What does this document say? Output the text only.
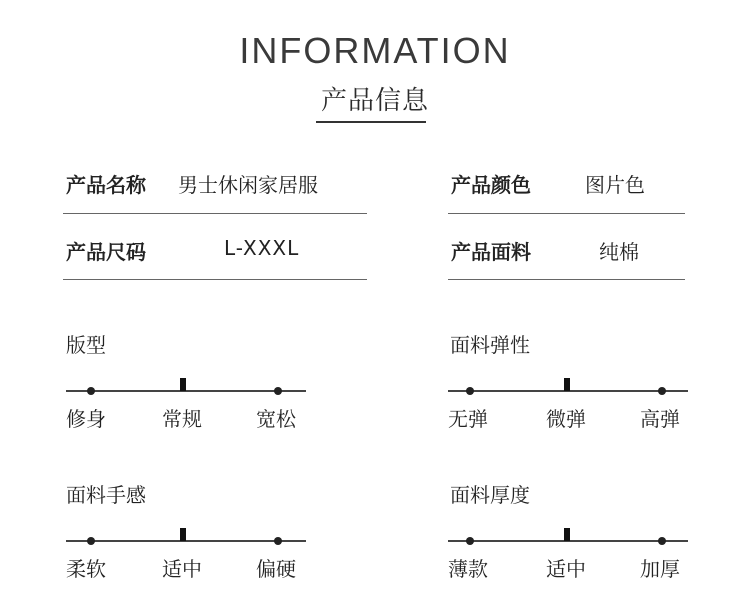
INFORMATION
产品信息
产品名称 男士休闲家居服	产品颜色	图片色
产品尺码	L-XXXL	产品面料	纯棉
版型
修身	常规	宽松
面料弹性
无弹	微弹	高弹
面料手感
柔软	适中	偏硬
面料厚度
薄款	适中	加厚
